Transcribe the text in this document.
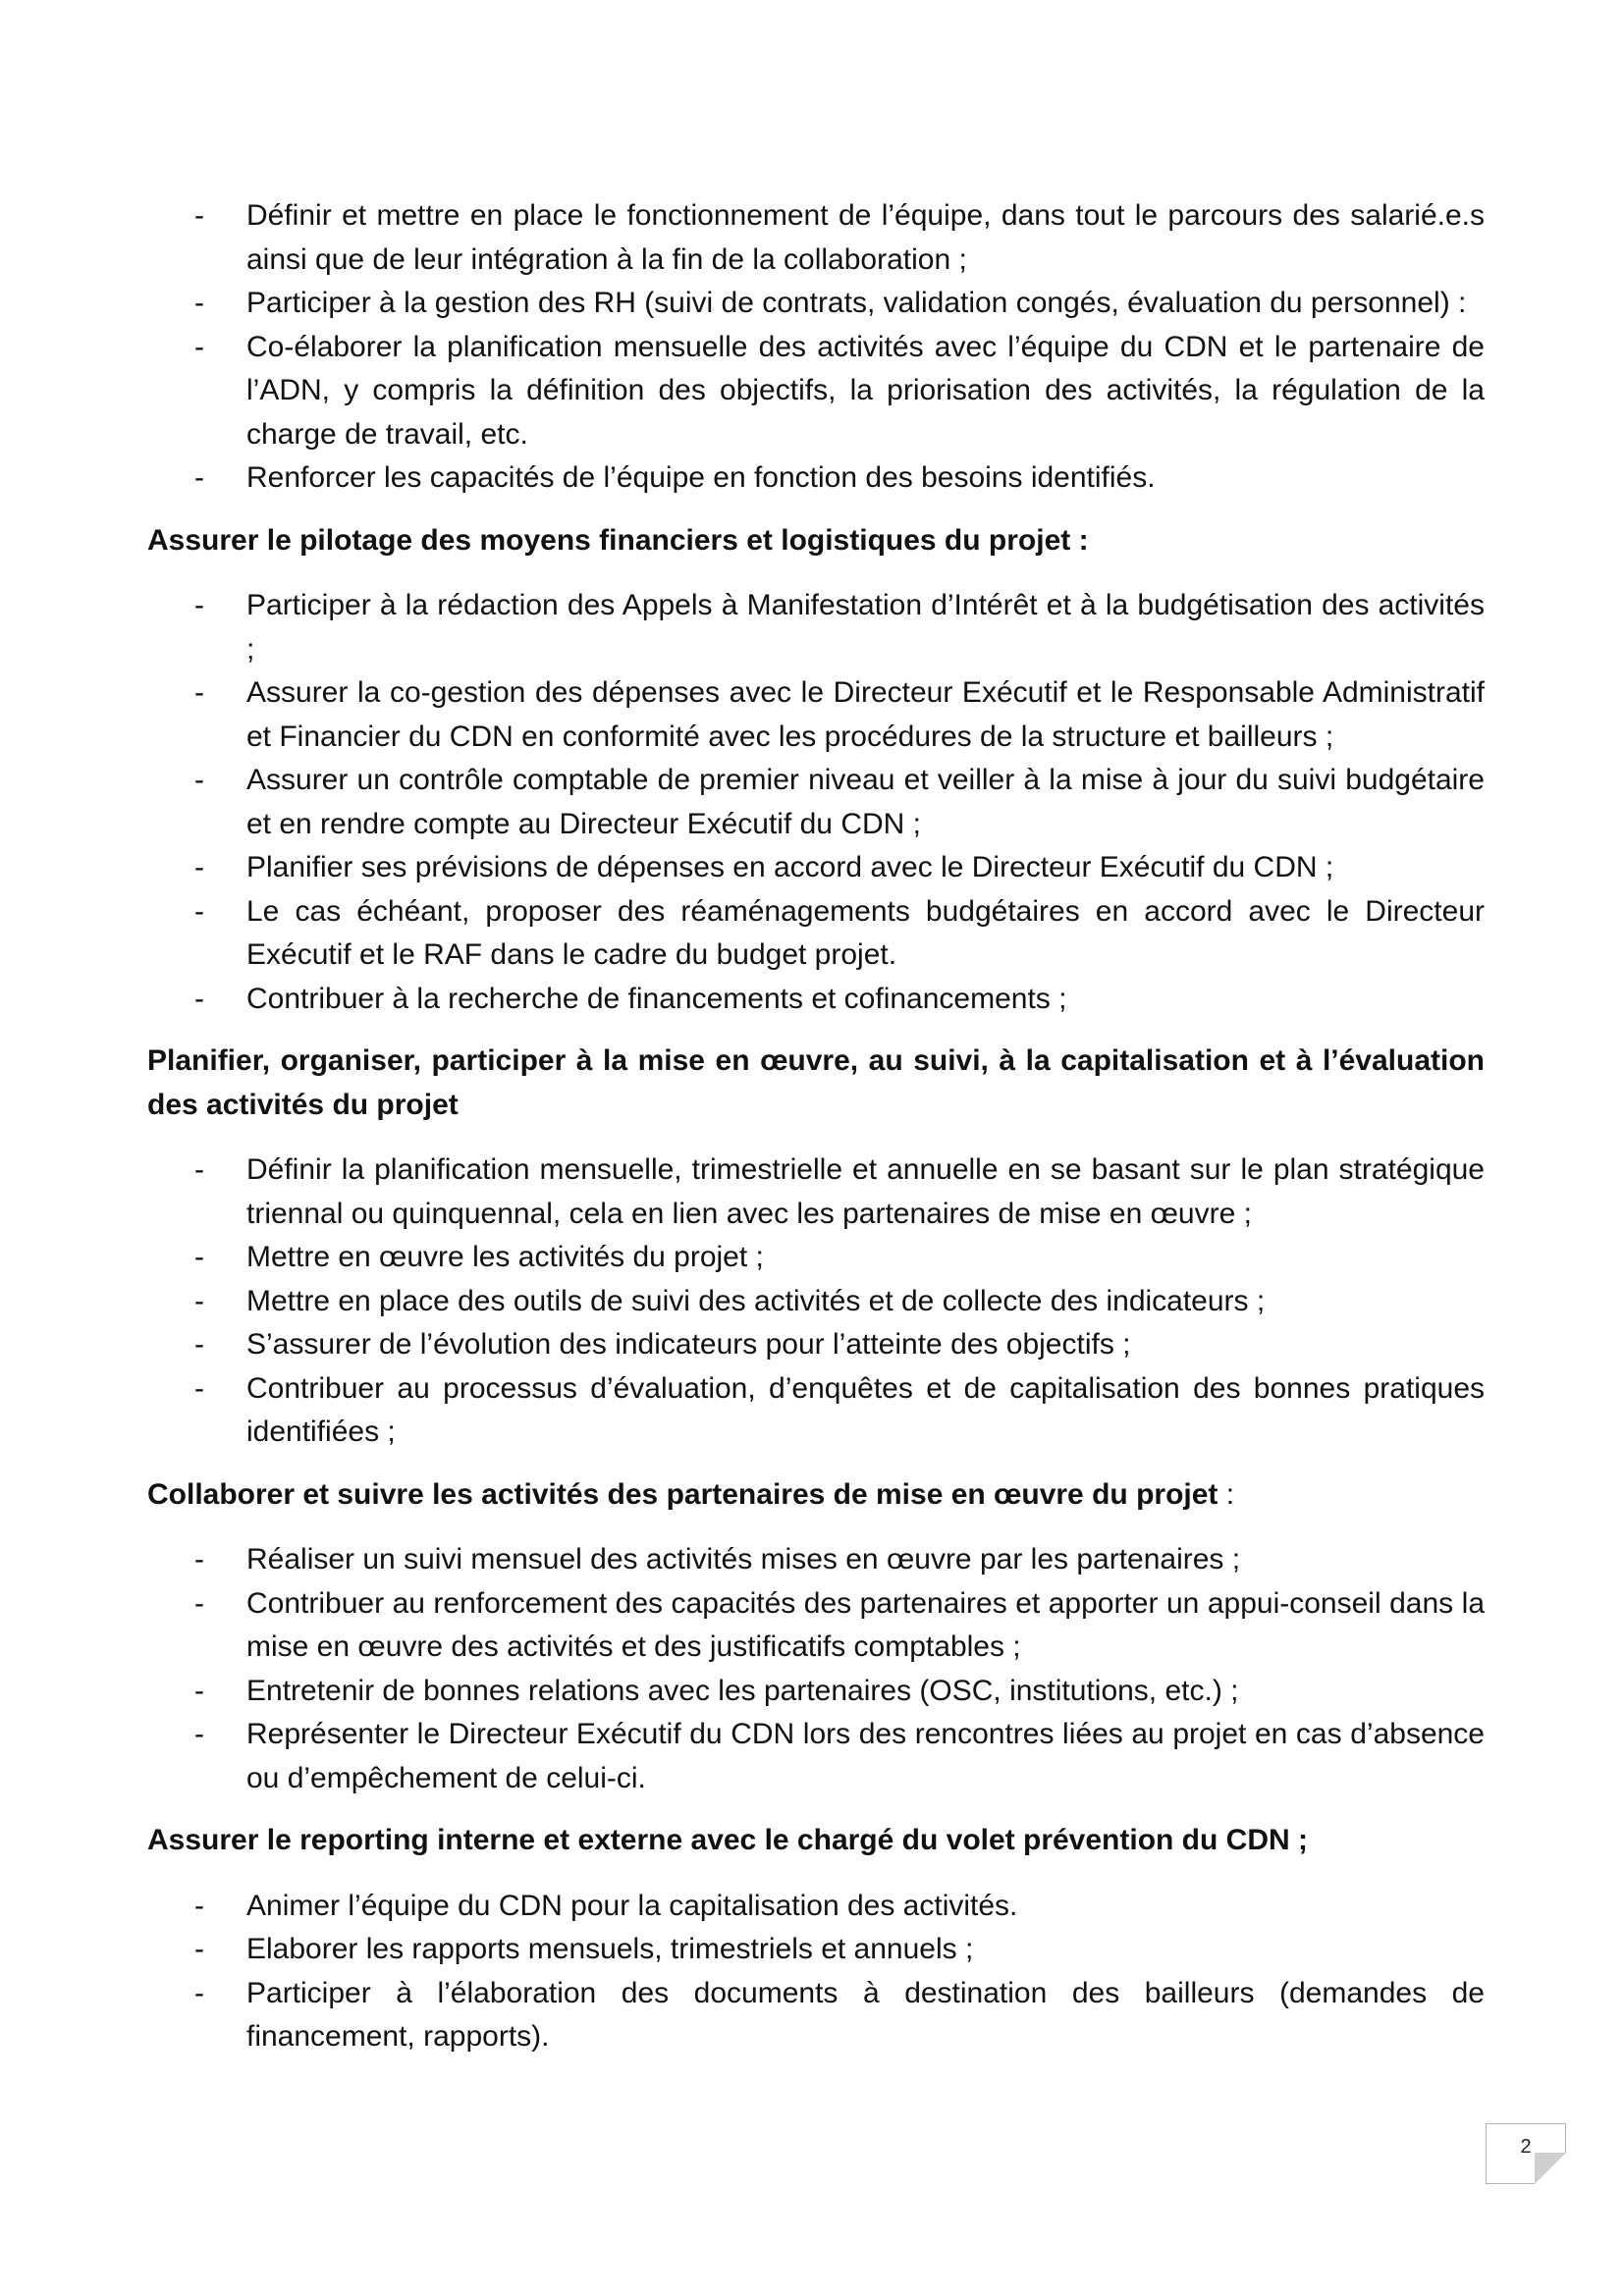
- Définir et mettre en place le fonctionnement de l’équipe, dans tout le parcours des salarié.e.s ainsi que de leur intégration à la fin de la collaboration ;
- Participer à la gestion des RH (suivi de contrats, validation congés, évaluation du personnel) :
- Co-élaborer la planification mensuelle des activités avec l’équipe du CDN et le partenaire de l’ADN, y compris la définition des objectifs, la priorisation des activités, la régulation de la charge de travail, etc.
- Renforcer les capacités de l’équipe en fonction des besoins identifiés.

Assurer le pilotage des moyens financiers et logistiques du projet :

- Participer à la rédaction des Appels à Manifestation d’Intérêt et à la budgétisation des activités ;
- Assurer la co-gestion des dépenses avec le Directeur Exécutif et le Responsable Administratif et Financier du CDN en conformité avec les procédures de la structure et bailleurs ;
- Assurer un contrôle comptable de premier niveau et veiller à la mise à jour du suivi budgétaire et en rendre compte au Directeur Exécutif du CDN ;
- Planifier ses prévisions de dépenses en accord avec le Directeur Exécutif du CDN ;
- Le cas échéant, proposer des réaménagements budgétaires en accord avec le Directeur Exécutif et le RAF dans le cadre du budget projet.
- Contribuer à la recherche de financements et cofinancements ;

Planifier, organiser, participer à la mise en œuvre, au suivi, à la capitalisation et à l’évaluation des activités du projet

- Définir la planification mensuelle, trimestrielle et annuelle en se basant sur le plan stratégique triennal ou quinquennal, cela en lien avec les partenaires de mise en œuvre ;
- Mettre en œuvre les activités du projet ;
- Mettre en place des outils de suivi des activités et de collecte des indicateurs ;
- S’assurer de l’évolution des indicateurs pour l’atteinte des objectifs ;
- Contribuer au processus d’évaluation, d’enquêtes et de capitalisation des bonnes pratiques identifiées ;

Collaborer et suivre les activités des partenaires de mise en œuvre du projet :

- Réaliser un suivi mensuel des activités mises en œuvre par les partenaires ;
- Contribuer au renforcement des capacités des partenaires et apporter un appui-conseil dans la mise en œuvre des activités et des justificatifs comptables ;
- Entretenir de bonnes relations avec les partenaires (OSC, institutions, etc.) ;
- Représenter le Directeur Exécutif du CDN lors des rencontres liées au projet en cas d’absence ou d’empêchement de celui-ci.

Assurer le reporting interne et externe avec le chargé du volet prévention du CDN ;

- Animer l’équipe du CDN pour la capitalisation des activités.
- Elaborer les rapports mensuels, trimestriels et annuels ;
- Participer à l’élaboration des documents à destination des bailleurs (demandes de financement, rapports).
2
